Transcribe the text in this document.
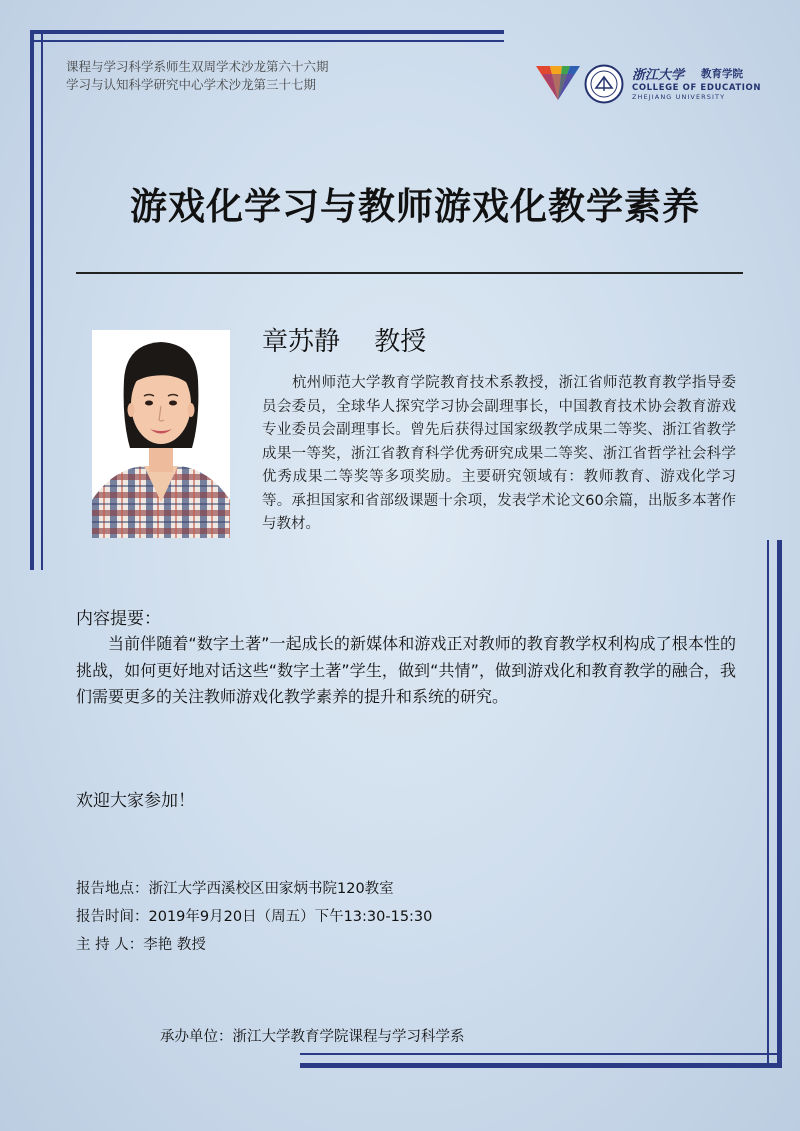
课程与学习科学系师生双周学术沙龙第六十六期
学习与认知科学研究中心学术沙龙第三十七期
浙江大学 教育学院
COLLEGE OF EDUCATION
ZHEJIANG UNIVERSITY
游戏化学习与教师游戏化教学素养
章苏静　 教授
杭州师范大学教育学院教育技术系教授，浙江省师范教育教学指导委员会委员，全球华人探究学习协会副理事长，中国教育技术协会教育游戏专业委员会副理事长。曾先后获得过国家级教学成果二等奖、浙江省教学成果一等奖，浙江省教育科学优秀研究成果二等奖、浙江省哲学社会科学优秀成果二等奖等多项奖励。主要研究领域有：教师教育、游戏化学习等。承担国家和省部级课题十余项，发表学术论文60余篇，出版多本著作与教材。
内容提要：
当前伴随着“数字土著”一起成长的新媒体和游戏正对教师的教育教学权利构成了根本性的挑战，如何更好地对话这些“数字土著”学生，做到“共情”，做到游戏化和教育教学的融合，我们需要更多的关注教师游戏化教学素养的提升和系统的研究。
欢迎大家参加！
报告地点：浙江大学西溪校区田家炳书院120教室
报告时间：2019年9月20日（周五）下午13:30-15:30
主 持 人：李艳 教授
承办单位：浙江大学教育学院课程与学习科学系
